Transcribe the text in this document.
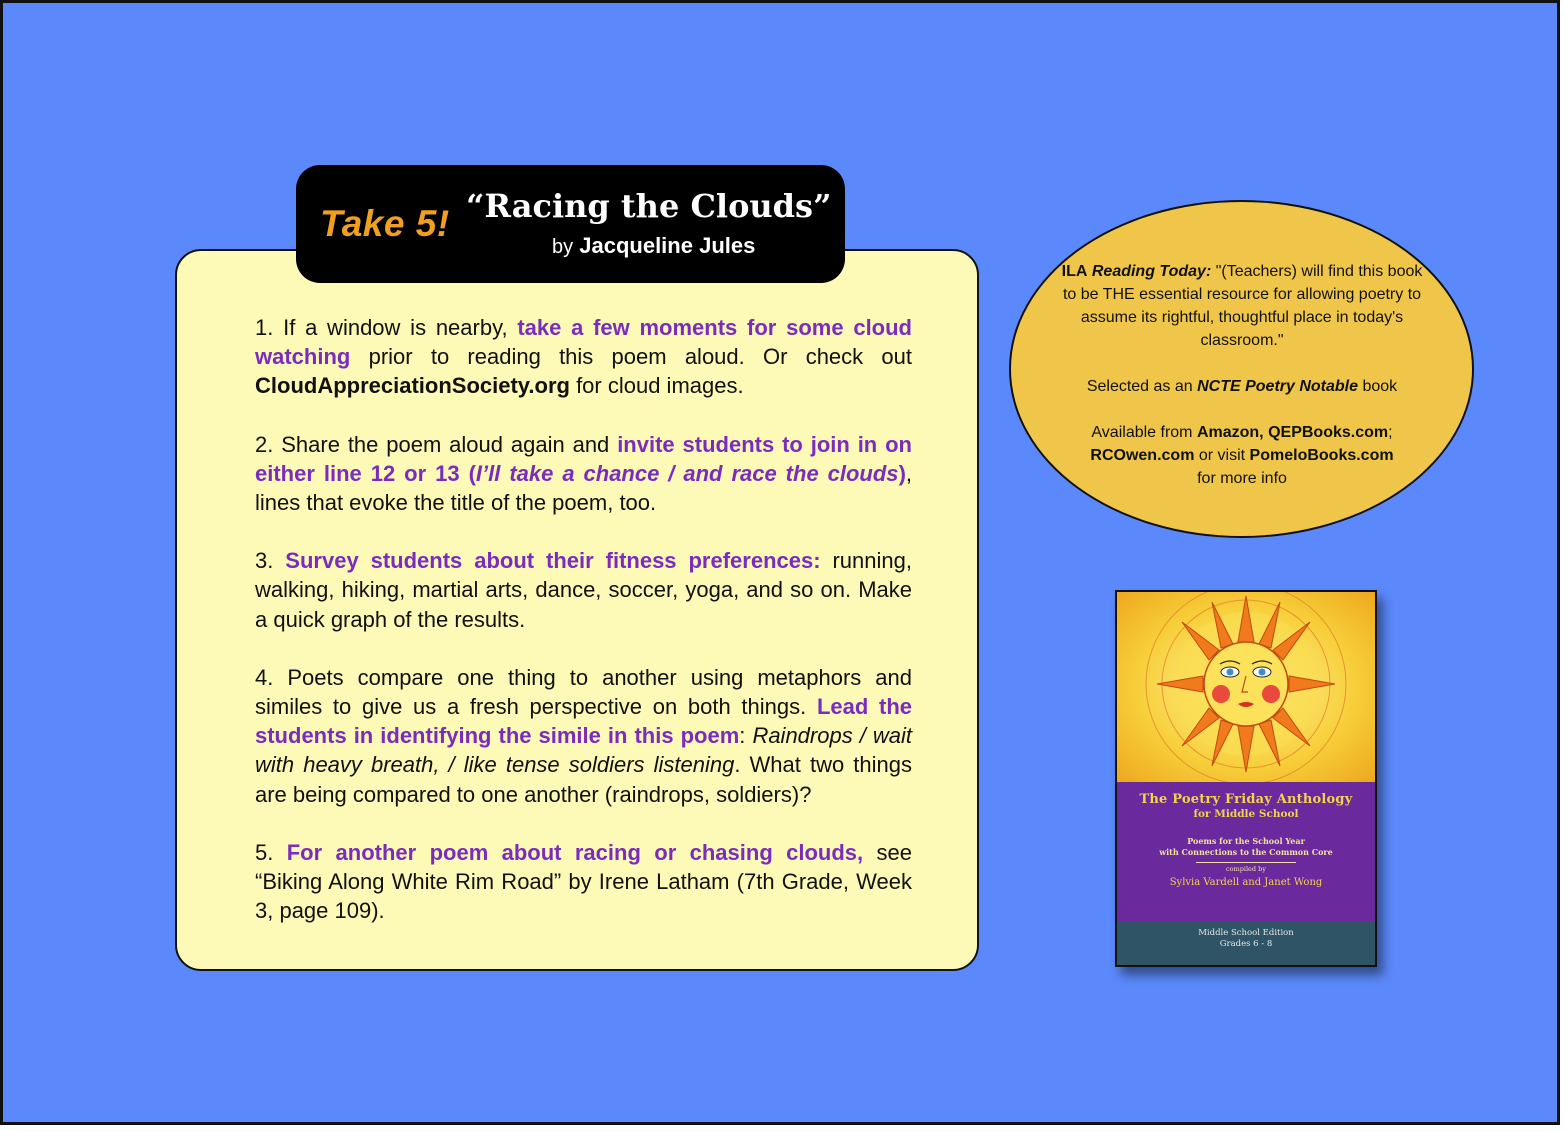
1. If a window is nearby, take a few moments for some cloud watching prior to reading this poem aloud. Or check out CloudAppreciationSociety.org for cloud images.

2. Share the poem aloud again and invite students to join in on either line 12 or 13 (I’ll take a chance / and race the clouds), lines that evoke the title of the poem, too.

3. Survey students about their fitness preferences: running, walking, hiking, martial arts, dance, soccer, yoga, and so on. Make a quick graph of the results.

4. Poets compare one thing to another using metaphors and similes to give us a fresh perspective on both things. Lead the students in identifying the simile in this poem: Raindrops / wait with heavy breath, / like tense soldiers listening. What two things are being compared to one another (raindrops, soldiers)?

5. For another poem about racing or chasing clouds, see “Biking Along White Rim Road” by Irene Latham (7th Grade, Week 3, page 109).

Take 5! “Racing the Clouds”
by Jacqueline Jules

ILA Reading Today: "(Teachers) will find this book to be THE essential resource for allowing poetry to assume its rightful, thoughtful place in today's classroom."

Selected as an NCTE Poetry Notable book

Available from Amazon, QEPBooks.com;
RCOwen.com or visit PomeloBooks.com
for more info

The Poetry Friday Anthology
for Middle School
Poems for the School Year
with Connections to the Common Core
compiled by
Sylvia Vardell and Janet Wong
Middle School Edition
Grades 6 - 8
